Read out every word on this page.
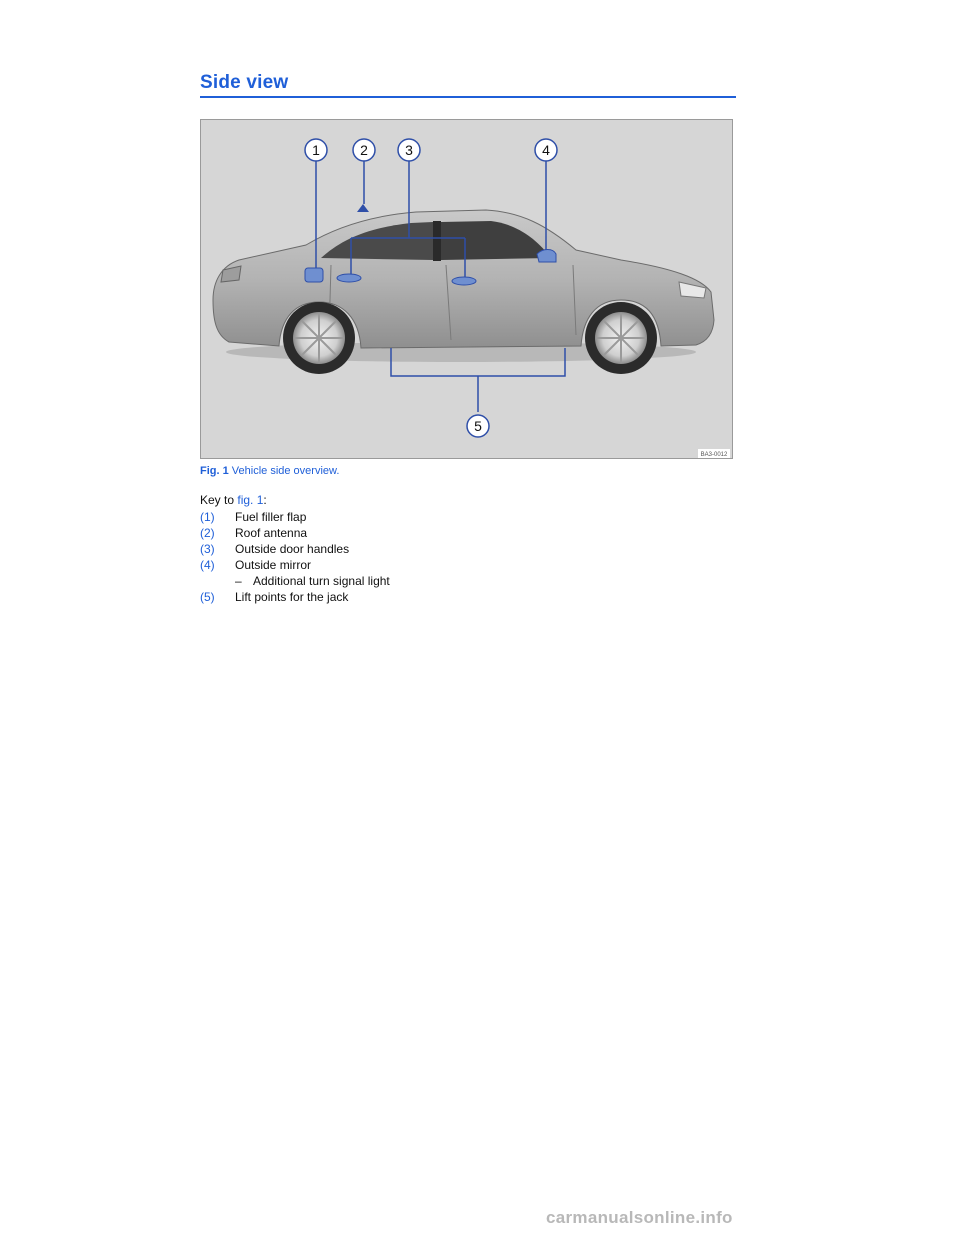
Side view
1	2	3	4
5
BA3-0012
Fig. 1 Vehicle side overview.
Key to fig. 1:
(1) Fuel filler flap
(2) Roof antenna
(3) Outside door handles
(4) Outside mirror
– Additional turn signal light
(5) Lift points for the jack
carmanualsonline.info
